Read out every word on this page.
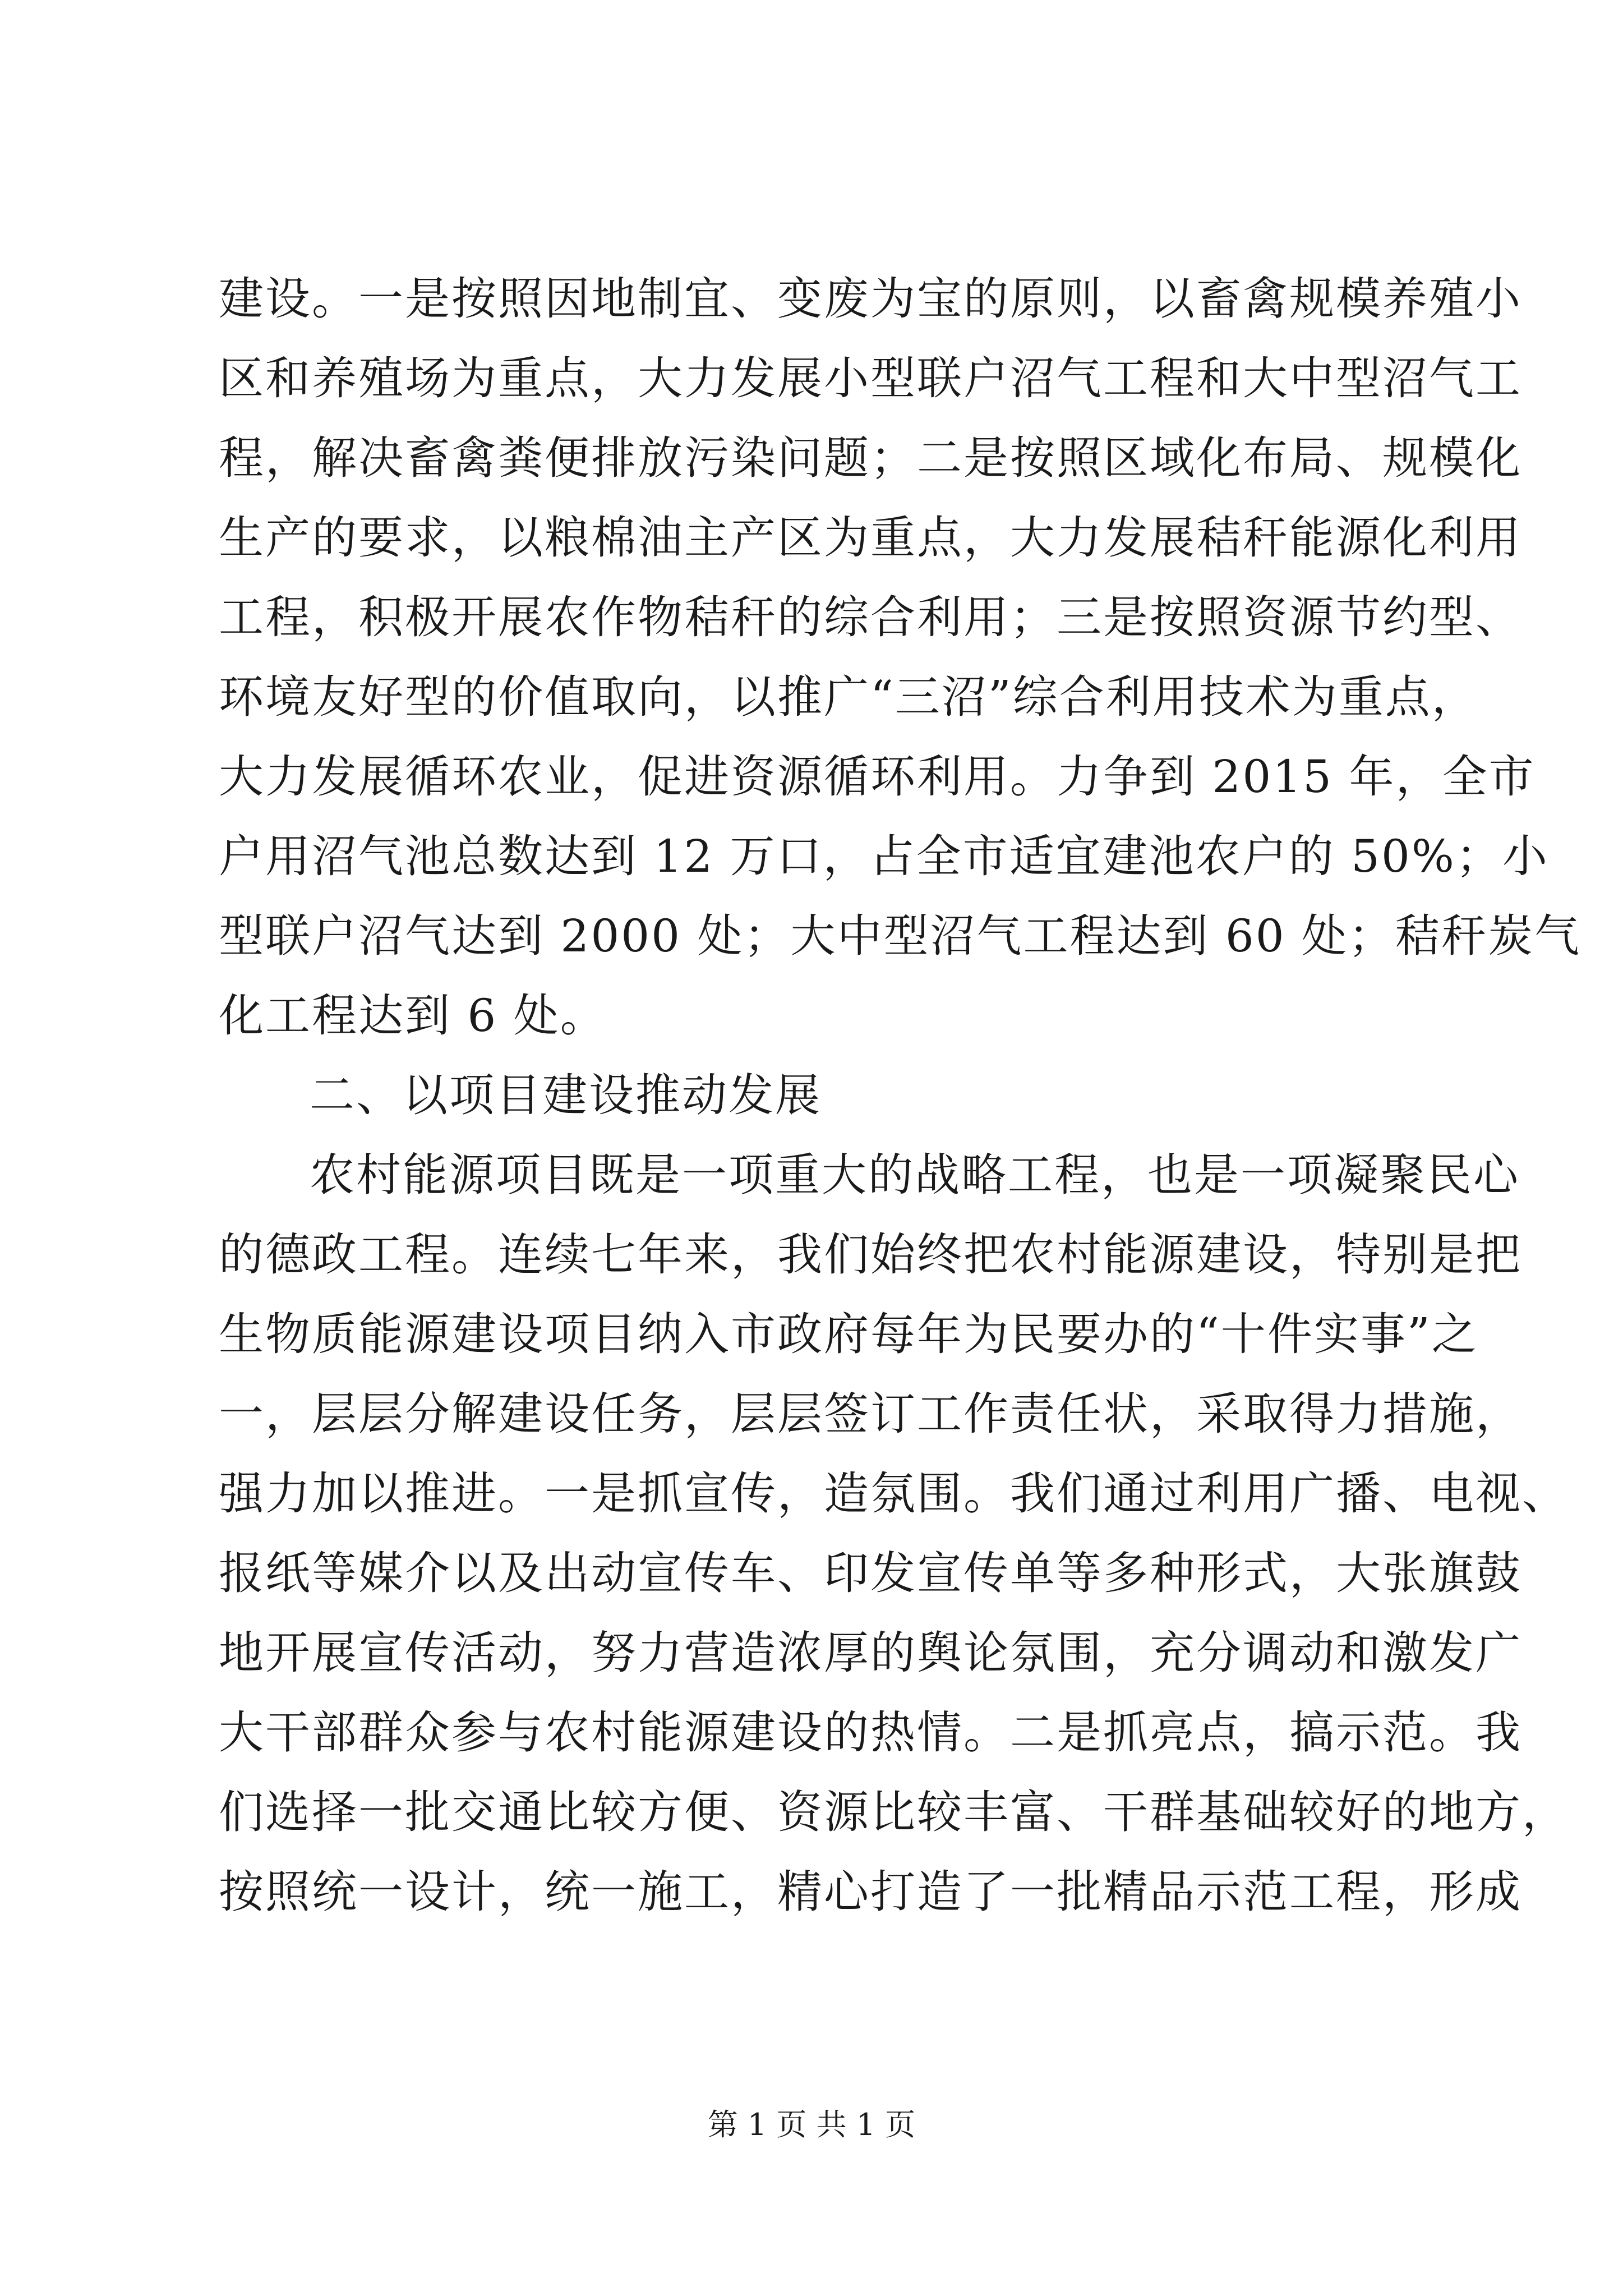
建设。一是按照因地制宜、变废为宝的原则，以畜禽规模养殖小
区和养殖场为重点，大力发展小型联户沼气工程和大中型沼气工
程，解决畜禽粪便排放污染问题；二是按照区域化布局、规模化
生产的要求，以粮棉油主产区为重点，大力发展秸秆能源化利用
工程，积极开展农作物秸秆的综合利用；三是按照资源节约型、
环境友好型的价值取向，以推广“三沼”综合利用技术为重点，
大力发展循环农业，促进资源循环利用。力争到 2015 年，全市
户用沼气池总数达到 12 万口，占全市适宜建池农户的 50%；小
型联户沼气达到 2000 处；大中型沼气工程达到 60 处；秸秆炭气
化工程达到 6 处。
二、以项目建设推动发展
农村能源项目既是一项重大的战略工程，也是一项凝聚民心
的德政工程。连续七年来，我们始终把农村能源建设，特别是把
生物质能源建设项目纳入市政府每年为民要办的“十件实事”之
一，层层分解建设任务，层层签订工作责任状，采取得力措施，
强力加以推进。一是抓宣传，造氛围。我们通过利用广播、电视、
报纸等媒介以及出动宣传车、印发宣传单等多种形式，大张旗鼓
地开展宣传活动，努力营造浓厚的舆论氛围，充分调动和激发广
大干部群众参与农村能源建设的热情。二是抓亮点，搞示范。我
们选择一批交通比较方便、资源比较丰富、干群基础较好的地方，
按照统一设计，统一施工，精心打造了一批精品示范工程，形成
第 1 页 共 1 页
